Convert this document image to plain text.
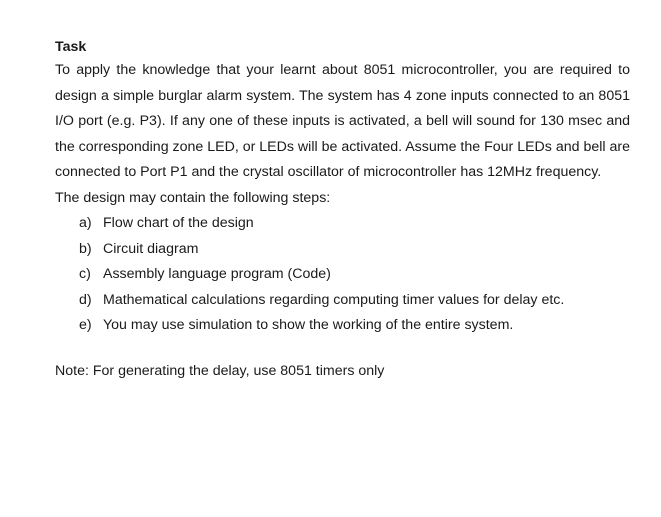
Task

To apply the knowledge that your learnt about 8051 microcontroller, you are required to design a simple burglar alarm system. The system has 4 zone inputs connected to an 8051 I/O port (e.g. P3). If any one of these inputs is activated, a bell will sound for 130 msec and the corresponding zone LED, or LEDs will be activated. Assume the Four LEDs and bell are connected to Port P1 and the crystal oscillator of microcontroller has 12MHz frequency.

The design may contain the following steps:

a) Flow chart of the design
b) Circuit diagram
c) Assembly language program (Code)
d) Mathematical calculations regarding computing timer values for delay etc.
e) You may use simulation to show the working of the entire system.

Note: For generating the delay, use 8051 timers only
